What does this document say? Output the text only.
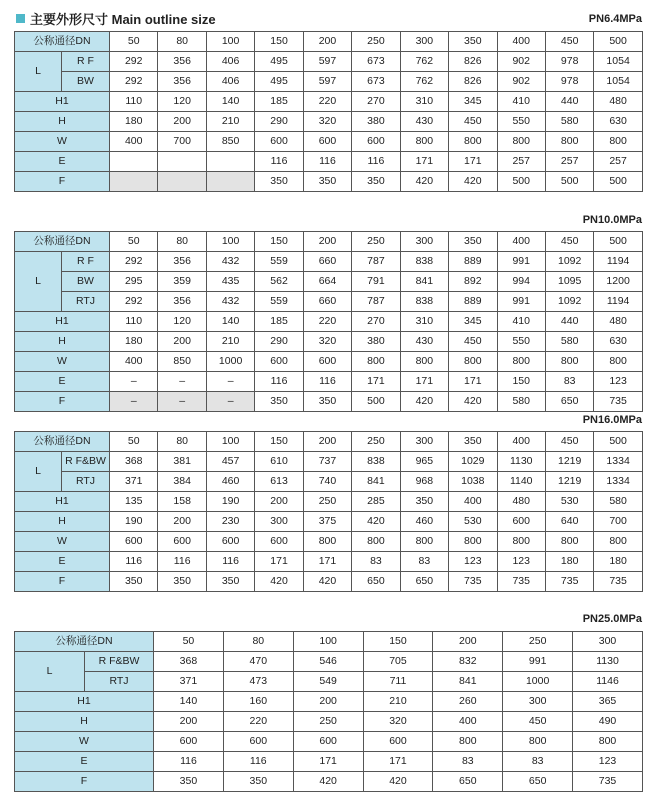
主要外形尺寸 Main outline size	PN6.4MPa
公称通径DN		50	80	100	150	200	250	300	350	400	450	500
L	R F	292	356	406	495	597	673	762	826	902	978	1054
	BW	292	356	406	495	597	673	762	826	902	978	1054
H1		110	120	140	185	220	270	310	345	410	440	480
H		180	200	210	290	320	380	430	450	550	580	630
W		400	700	850	600	600	600	800	800	800	800	800
E					116	116	116	171	171	257	257	257
F					350	350	350	420	420	500	500	500
PN10.0MPa
公称通径DN		50	80	100	150	200	250	300	350	400	450	500
L	R F	292	356	432	559	660	787	838	889	991	1092	1194
	BW	295	359	435	562	664	791	841	892	994	1095	1200
	RTJ	292	356	432	559	660	787	838	889	991	1092	1194
H1		110	120	140	185	220	270	310	345	410	440	480
H		180	200	210	290	320	380	430	450	550	580	630
W		400	850	1000	600	600	800	800	800	800	800	800
E		–	–	–	116	116	171	171	171	150	83	123
F		–	–	–	350	350	500	420	420	580	650	735
PN16.0MPa
公称通径DN		50	80	100	150	200	250	300	350	400	450	500
L	R F&BW	368	381	457	610	737	838	965	1029	1130	1219	1334
	RTJ	371	384	460	613	740	841	968	1038	1140	1219	1334
H1		135	158	190	200	250	285	350	400	480	530	580
H		190	200	230	300	375	420	460	530	600	640	700
W		600	600	600	600	800	800	800	800	800	800	800
E		116	116	116	171	171	83	83	123	123	180	180
F		350	350	350	420	420	650	650	735	735	735	735
PN25.0MPa
公称通径DN		50	80	100	150	200	250	300
L	R F&BW	368	470	546	705	832	991	1130
	RTJ	371	473	549	711	841	1000	1146
H1		140	160	200	210	260	300	365
H		200	220	250	320	400	450	490
W		600	600	600	600	800	800	800
E		116	116	171	171	83	83	123
F		350	350	420	420	650	650	735
